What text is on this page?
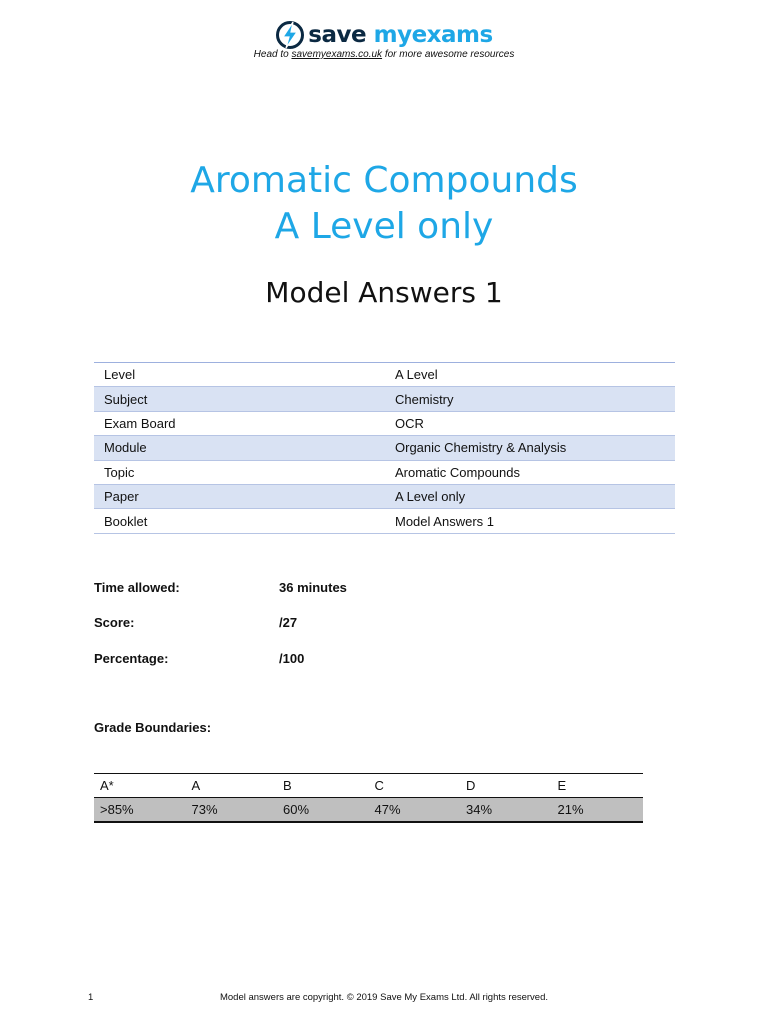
save myexams
Head to savemyexams.co.uk for more awesome resources
Aromatic Compounds
A Level only
Model Answers 1
Level	A Level
Subject	Chemistry
Exam Board	OCR
Module	Organic Chemistry & Analysis
Topic	Aromatic Compounds
Paper	A Level only
Booklet	Model Answers 1
Time allowed:	36 minutes
Score:	/27
Percentage:	/100
Grade Boundaries:
A*	A	B	C	D	E
>85%	73%	60%	47%	34%	21%
1	Model answers are copyright. © 2019 Save My Exams Ltd. All rights reserved.
